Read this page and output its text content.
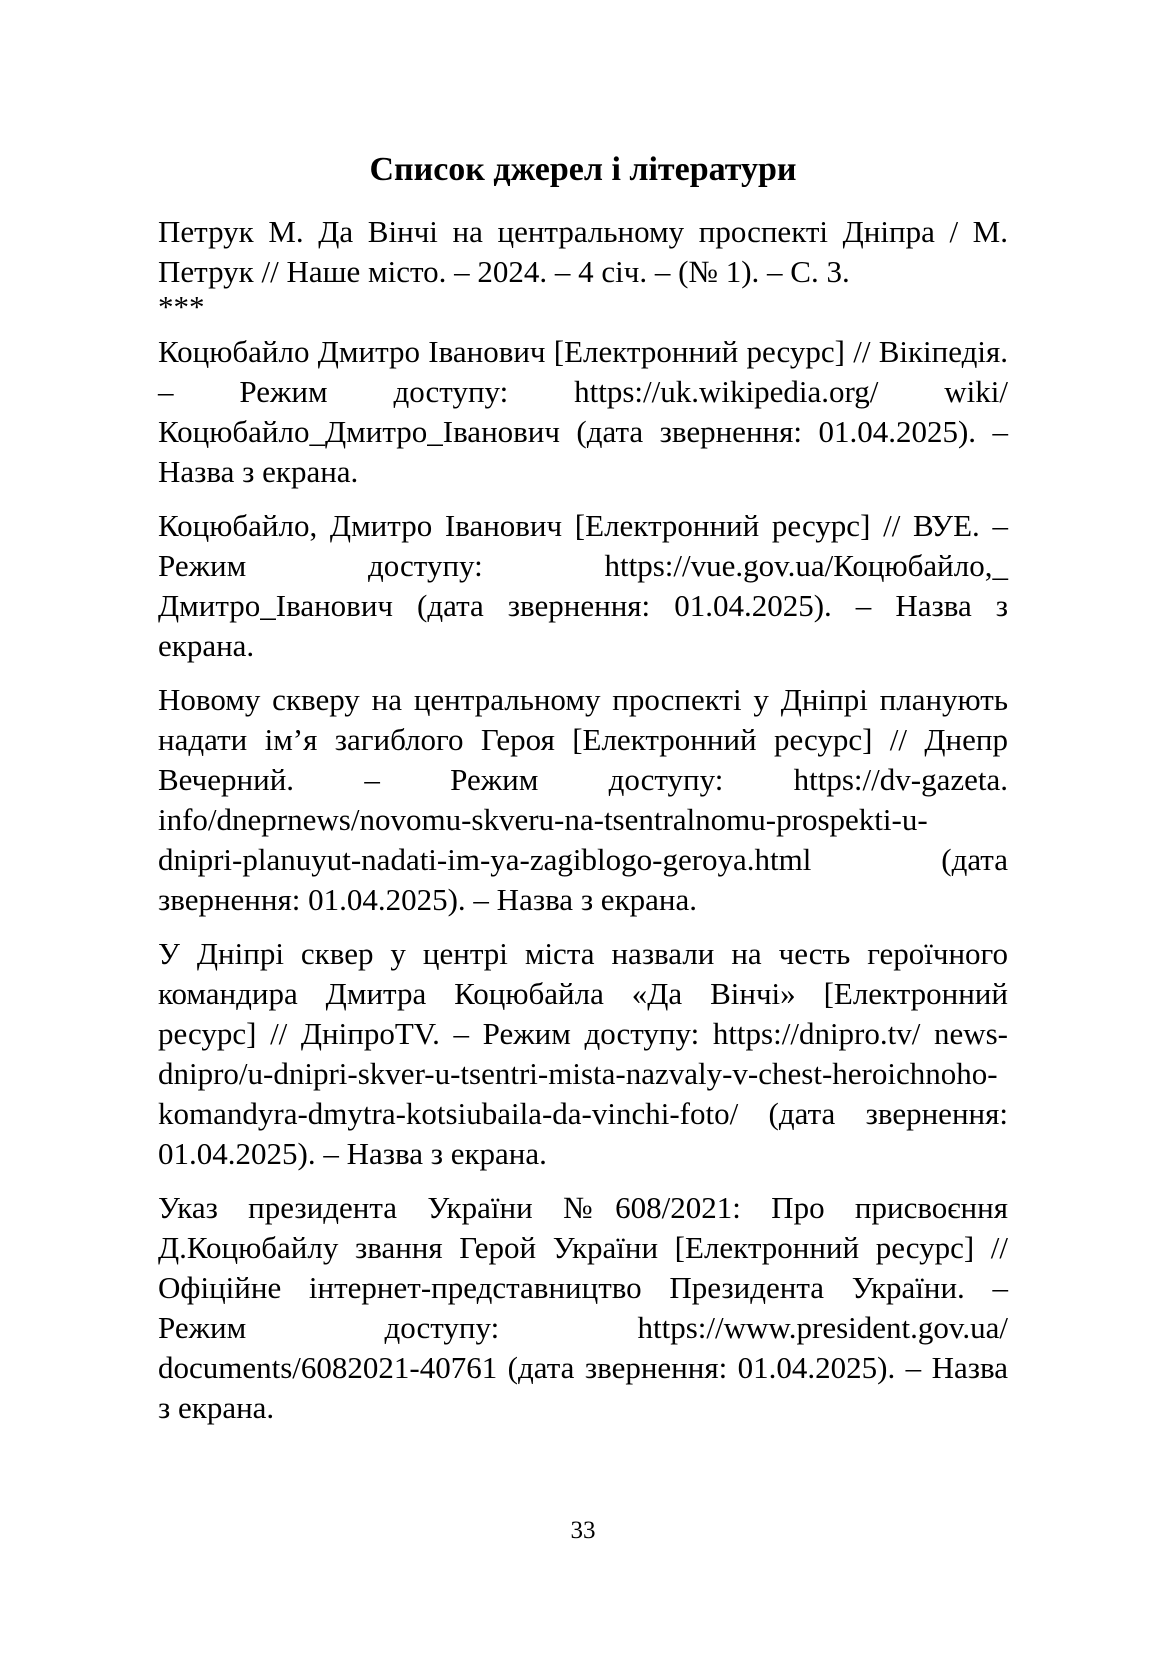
Список джерел і літератури

Петрук М. Да Вінчі на центральному проспекті Дніпра / М. Петрук // Наше місто. – 2024. – 4 січ. – (№ 1). – С. 3.

***

Коцюбайло Дмитро Іванович [Електронний ресурс] // Вікіпедія. – Режим доступу: https://uk.wikipedia.org/ wiki/Коцюбайло_Дмитро_Іванович (дата звернення: 01.04.2025). – Назва з екрана.

Коцюбайло, Дмитро Іванович [Електронний ресурс] // ВУЕ. – Режим доступу: https://vue.gov.ua/Коцюбайло,_ Дмитро_Іванович (дата звернення: 01.04.2025). – Назва з екрана.

Новому скверу на центральному проспекті у Дніпрі планують надати ім’я загиблого Героя [Електронний ресурс] // Днепр Вечерний. – Режим доступу: https://dv-gazeta. info/dneprnews/novomu-skveru-na-tsentralnomu-prospekti-u-dnipri-planuyut-nadati-im-ya-zagiblogo-geroya.html (дата звернення: 01.04.2025). – Назва з екрана.

У Дніпрі сквер у центрі міста назвали на честь героїчного командира Дмитра Коцюбайла «Да Вінчі» [Електронний ресурс] // ДніпроTV. – Режим доступу: https://dnipro.tv/ news-dnipro/u-dnipri-skver-u-tsentri-mista-nazvaly-v-chest-heroichnoho-komandyra-dmytra-kotsiubaila-da-vinchi-foto/ (дата звернення: 01.04.2025). – Назва з екрана.

Указ президента України №608/2021: Про присвоєння Д.Коцюбайлу звання Герой України [Електронний ресурс] // Офіційне інтернет-представництво Президента України. – Режим доступу: https://www.president.gov.ua/ documents/6082021-40761 (дата звернення: 01.04.2025). – Назва з екрана.

33
